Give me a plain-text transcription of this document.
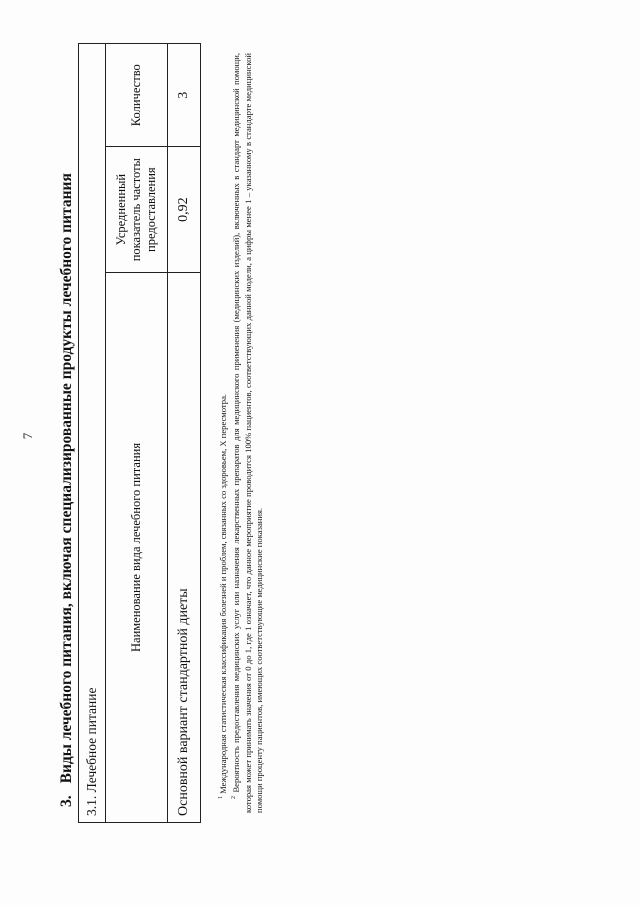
7
3.Виды лечебного питания, включая специализированные продукты лечебного питания 3.1. Лечебное питание		
Наименование вида лечебного питания	Усредненный показатель частоты предоставления	Количество
Основной вариант стандартной диеты	0,92	3

$^1$ Международная статистическая классификация болезней и проблем, связанных со здоровьем, X пересмотра.

$^2$ Вероятность предоставления медицинских услуг или назначения лекарственных препаратов для медицинского применения (медицинских изделий), включенных в стандарт медицинской помощи, которая может принимать значения от 0 до 1, где 1 означает, что данное мероприятие проводится 100% пациентов, соответствующих данной модели, а цифры менее 1 – указанному в стандарте медицинской помощи проценту пациентов, имеющих соответствующие медицинские показания.
